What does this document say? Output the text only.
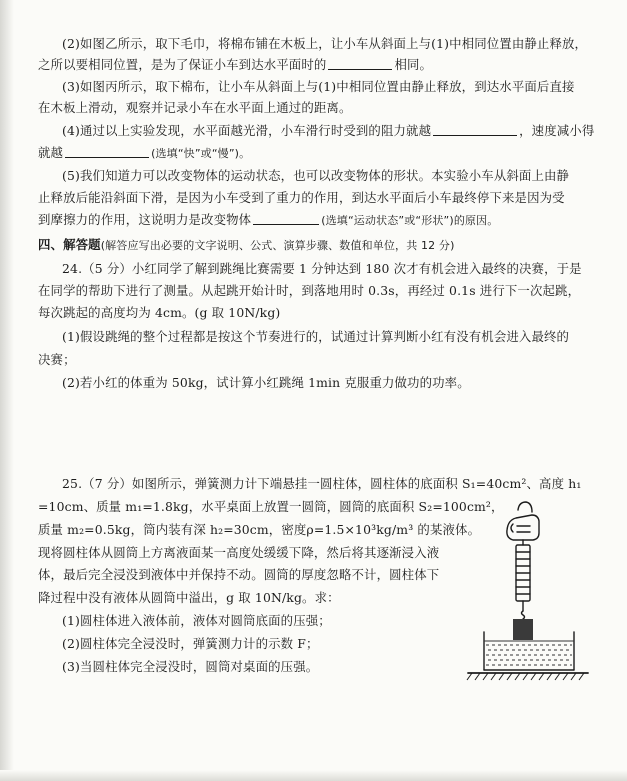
(2)如图乙所示，取下毛巾，将棉布铺在木板上，让小车从斜面上与(1)中相同位置由静止释放，
之所以要相同位置，是为了保证小车到达水平面时的	相同。
(3)如图丙所示，取下棉布，让小车从斜面上与(1)中相同位置由静止释放，到达水平面后直接
在木板上滑动，观察并记录小车在水平面上通过的距离。
(4)通过以上实验发现，水平面越光滑，小车滑行时受到的阻力就越	，速度减小得
就越	(选填“快”或“慢”)。
(5)我们知道力可以改变物体的运动状态，也可以改变物体的形状。本实验小车从斜面上由静
止释放后能沿斜面下滑，是因为小车受到了重力的作用，到达水平面后小车最终停下来是因为受
到摩擦力的作用，这说明力是改变物体	(选填“运动状态”或“形状”)的原因。
四、解答题(解答应写出必要的文字说明、公式、演算步骤、数值和单位，共 12 分)
24.（5 分）小红同学了解到跳绳比赛需要 1 分钟达到 180 次才有机会进入最终的决赛，于是
在同学的帮助下进行了测量。从起跳开始计时，到落地用时 0.3s，再经过 0.1s 进行下一次起跳，
每次跳起的高度均为 4cm。(g 取 10N/kg)
(1)假设跳绳的整个过程都是按这个节奏进行的，试通过计算判断小红有没有机会进入最终的
决赛；
(2)若小红的体重为 50kg，试计算小红跳绳 1min 克服重力做功的功率。
25.（7 分）如图所示，弹簧测力计下端悬挂一圆柱体，圆柱体的底面积 S₁=40cm²、高度 h₁
=10cm、质量 m₁=1.8kg，水平桌面上放置一圆筒，圆筒的底面积 S₂=100cm²，
质量 m₂=0.5kg，筒内装有深 h₂=30cm，密度ρ=1.5×10³kg/m³ 的某液体。
现将圆柱体从圆筒上方离液面某一高度处缓缓下降，然后将其逐渐浸入液
体，最后完全浸没到液体中并保持不动。圆筒的厚度忽略不计，圆柱体下
降过程中没有液体从圆筒中溢出，g 取 10N/kg。求：
(1)圆柱体进入液体前，液体对圆筒底面的压强；
(2)圆柱体完全浸没时，弹簧测力计的示数 F；
(3)当圆柱体完全浸没时，圆筒对桌面的压强。
